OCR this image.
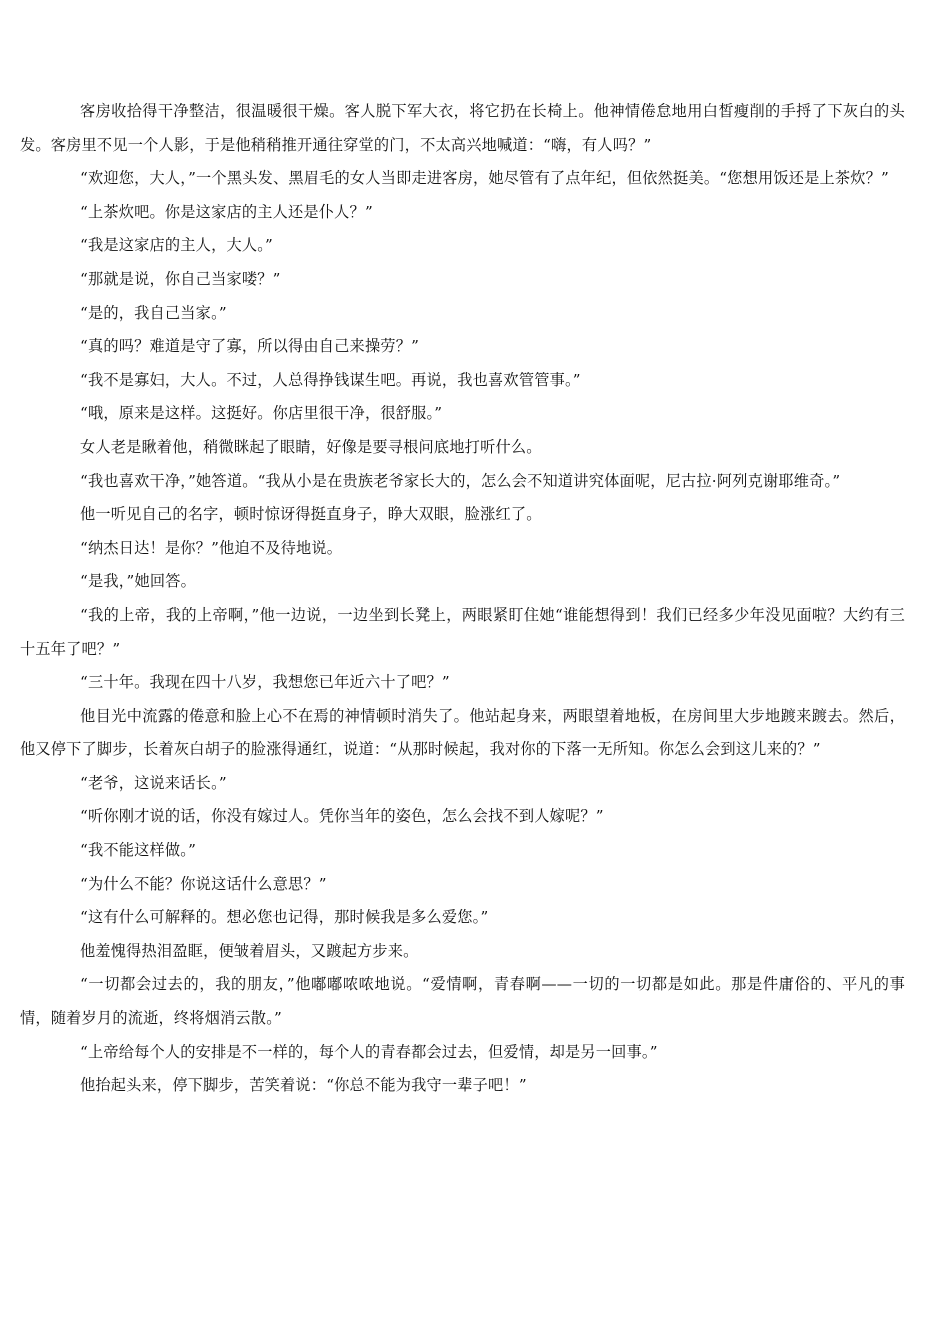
客房收拾得干净整洁，很温暖很干燥。客人脱下军大衣，将它扔在长椅上。他神情倦怠地用白皙瘦削的手捋了下灰白的头发。客房里不见一个人影，于是他稍稍推开通往穿堂的门，不太高兴地喊道：“嗨，有人吗？”

“欢迎您，大人，”一个黑头发、黑眉毛的女人当即走进客房，她尽管有了点年纪，但依然挺美。“您想用饭还是上茶炊？”

“上茶炊吧。你是这家店的主人还是仆人？”

“我是这家店的主人，大人。”

“那就是说，你自己当家喽？”

“是的，我自己当家。”

“真的吗？难道是守了寡，所以得由自己来操劳？”

“我不是寡妇，大人。不过，人总得挣钱谋生吧。再说，我也喜欢管管事。”

“哦，原来是这样。这挺好。你店里很干净，很舒服。”

女人老是瞅着他，稍微眯起了眼睛，好像是要寻根问底地打听什么。

“我也喜欢干净，”她答道。“我从小是在贵族老爷家长大的，怎么会不知道讲究体面呢，尼古拉·阿列克谢耶维奇。”

他一听见自己的名字，顿时惊讶得挺直身子，睁大双眼，脸涨红了。

“纳杰日达！是你？”他迫不及待地说。

“是我，”她回答。

“我的上帝，我的上帝啊，”他一边说，一边坐到长凳上，两眼紧盯住她“谁能想得到！我们已经多少年没见面啦？大约有三十五年了吧？”

“三十年。我现在四十八岁，我想您已年近六十了吧？”

他目光中流露的倦意和脸上心不在焉的神情顿时消失了。他站起身来，两眼望着地板，在房间里大步地踱来踱去。然后，他又停下了脚步，长着灰白胡子的脸涨得通红，说道：“从那时候起，我对你的下落一无所知。你怎么会到这儿来的？”

“老爷，这说来话长。”

“听你刚才说的话，你没有嫁过人。凭你当年的姿色，怎么会找不到人嫁呢？”

“我不能这样做。”

“为什么不能？你说这话什么意思？”

“这有什么可解释的。想必您也记得，那时候我是多么爱您。”

他羞愧得热泪盈眶，便皱着眉头，又踱起方步来。

“一切都会过去的，我的朋友，”他嘟嘟哝哝地说。“爱情啊，青春啊——一切的一切都是如此。那是件庸俗的、平凡的事情，随着岁月的流逝，终将烟消云散。”

“上帝给每个人的安排是不一样的，每个人的青春都会过去，但爱情，却是另一回事。”

他抬起头来，停下脚步，苦笑着说：“你总不能为我守一辈子吧！”
